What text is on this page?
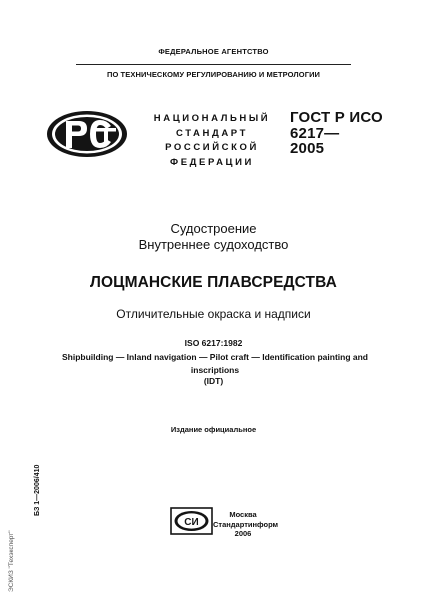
ФЕДЕРАЛЬНОЕ АГЕНТСТВО
ПО ТЕХНИЧЕСКОМУ РЕГУЛИРОВАНИЮ И МЕТРОЛОГИИ
НАЦИОНАЛЬНЫЙ
СТАНДАРТ
РОССИЙСКОЙ
ФЕДЕРАЦИИ
ГОСТ Р ИСО
6217—
2005
Судостроение
Внутреннее судоходство
ЛОЦМАНСКИЕ ПЛАВСРЕДСТВА
Отличительные окраска и надписи
ISO 6217:1982
Shipbuilding — Inland navigation — Pilot craft — Identification painting and inscriptions
(IDT)
Издание официальное
БЗ 1—2006/410
ЭСКИЗ "Техэксперт"
СИ
Москва
Стандартинформ
2006
